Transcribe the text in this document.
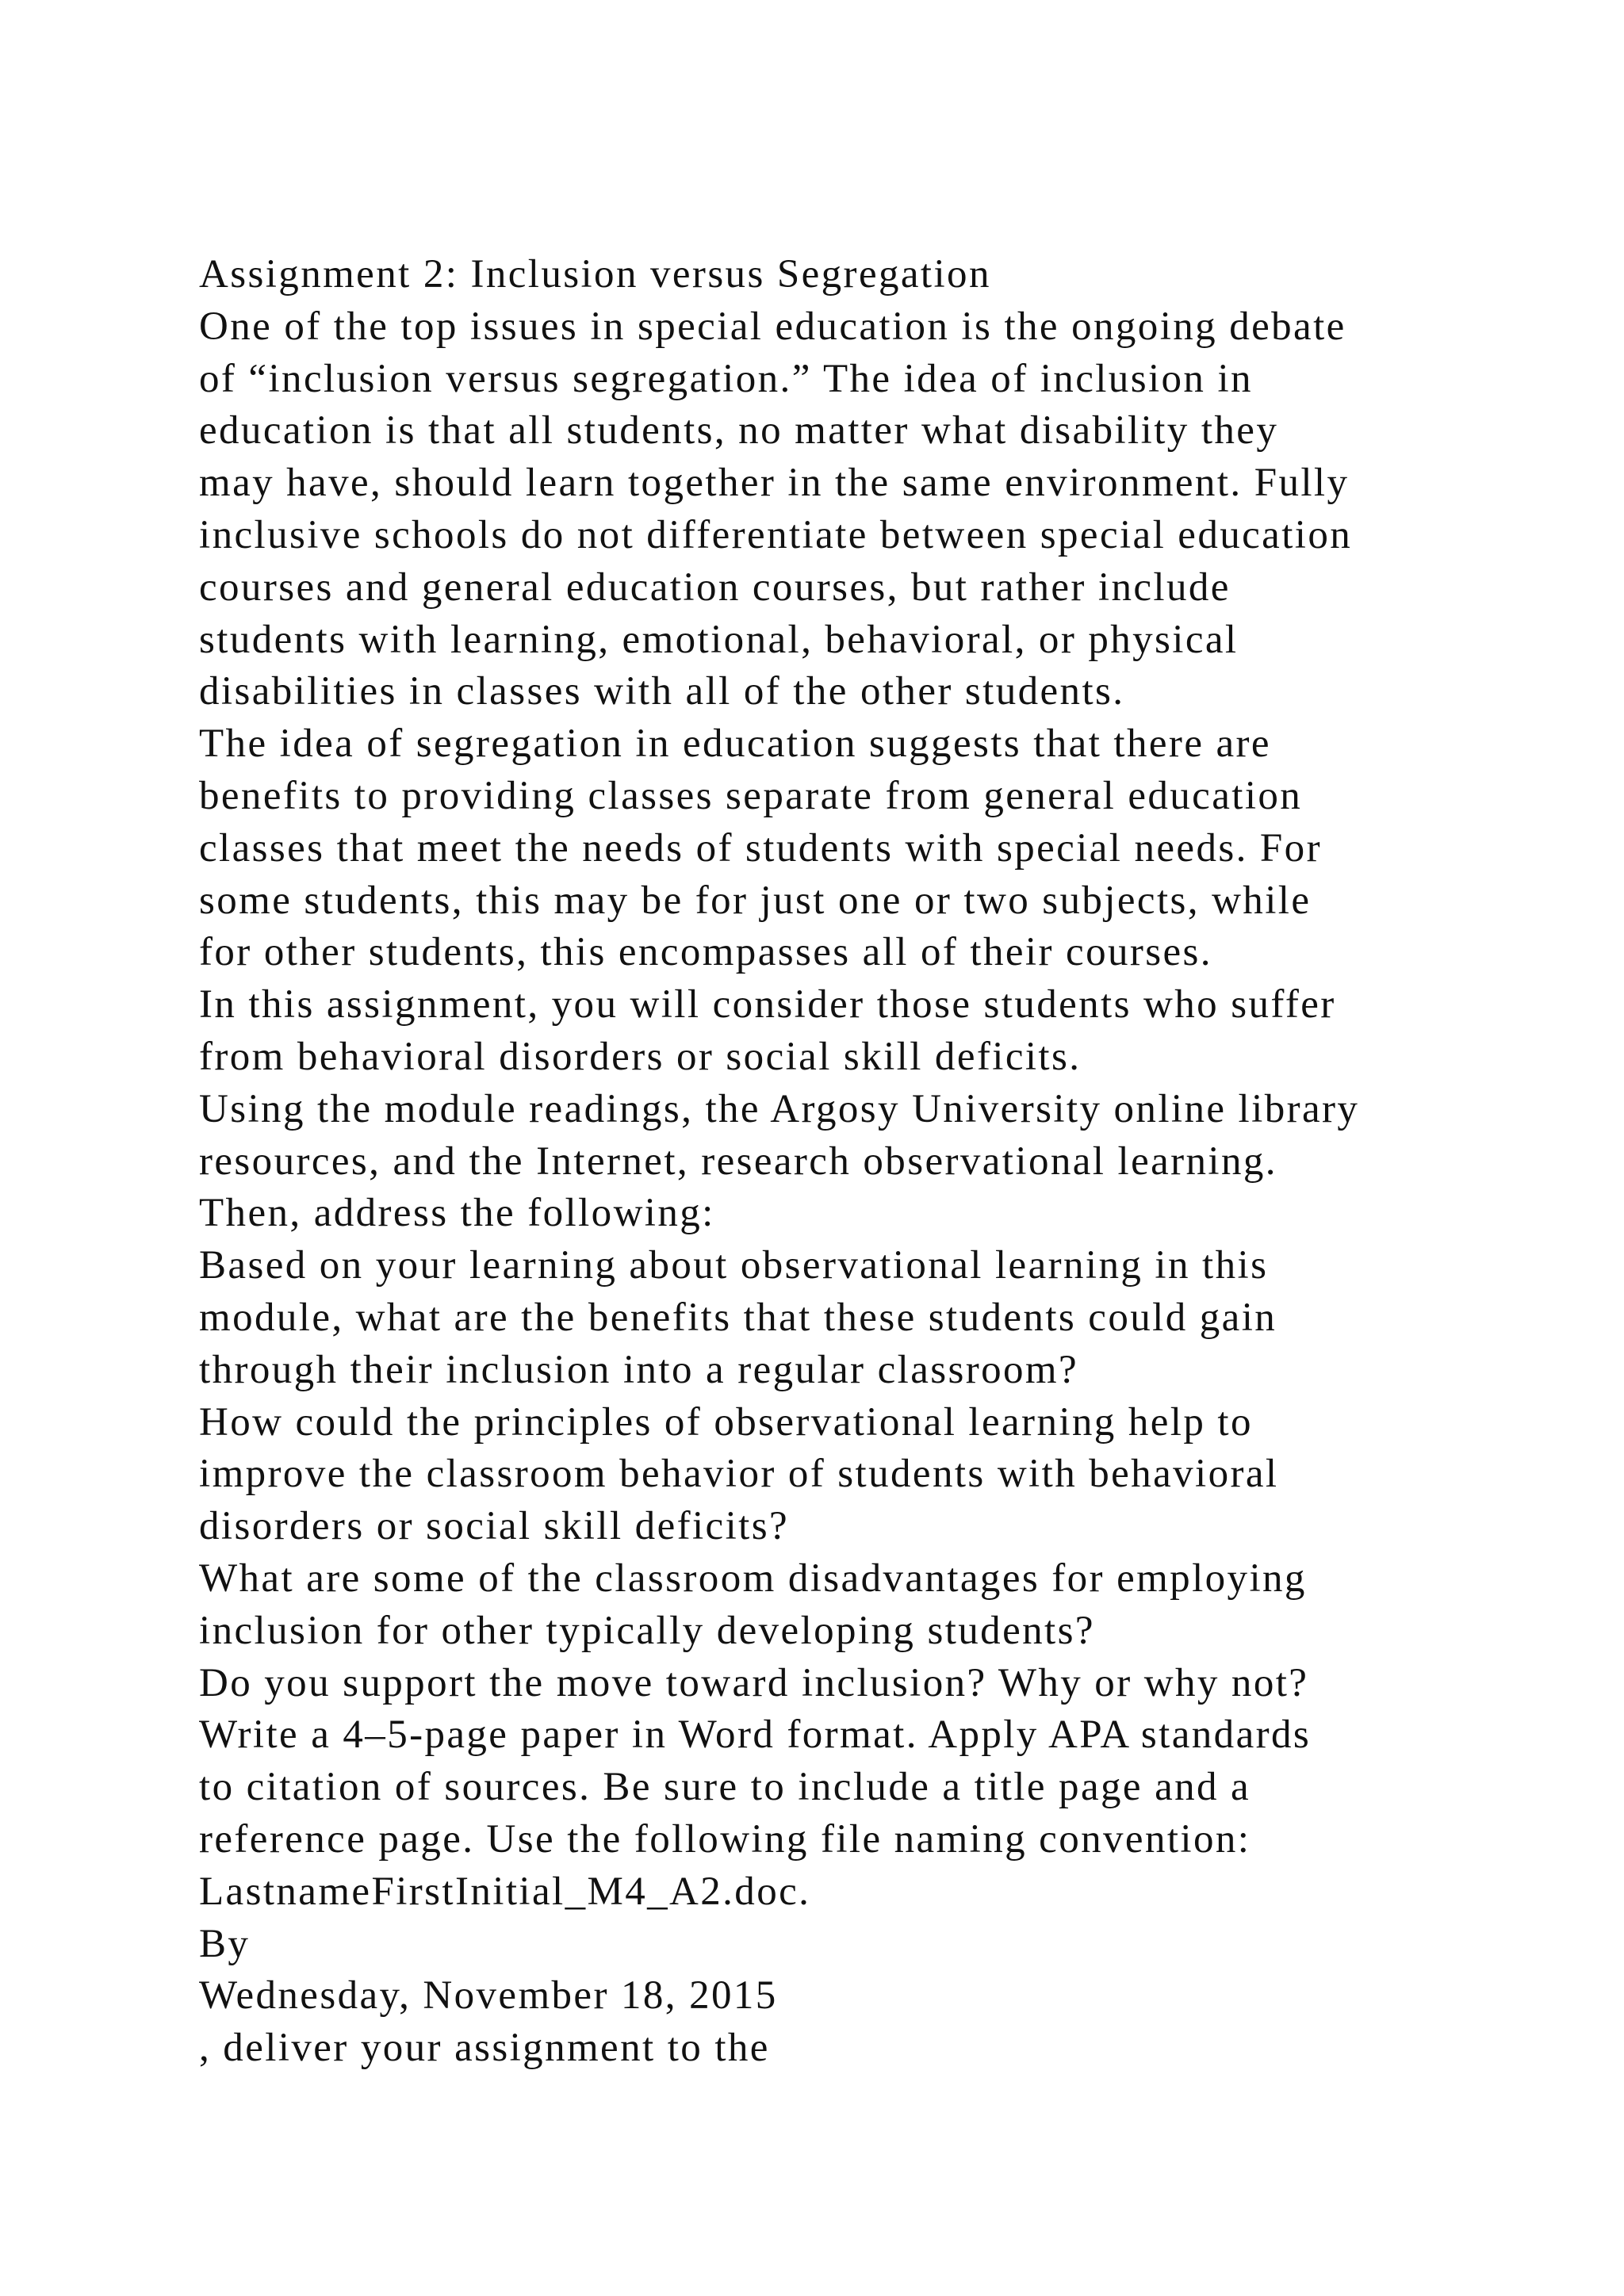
Assignment 2: Inclusion versus Segregation
One of the top issues in special education is the ongoing debate
of “inclusion versus segregation.” The idea of inclusion in
education is that all students, no matter what disability they
may have, should learn together in the same environment. Fully
inclusive schools do not differentiate between special education
courses and general education courses, but rather include
students with learning, emotional, behavioral, or physical
disabilities in classes with all of the other students.
The idea of segregation in education suggests that there are
benefits to providing classes separate from general education
classes that meet the needs of students with special needs. For
some students, this may be for just one or two subjects, while
for other students, this encompasses all of their courses.
In this assignment, you will consider those students who suffer
from behavioral disorders or social skill deficits.
Using the module readings, the Argosy University online library
resources, and the Internet, research observational learning.
Then, address the following:
Based on your learning about observational learning in this
module, what are the benefits that these students could gain
through their inclusion into a regular classroom?
How could the principles of observational learning help to
improve the classroom behavior of students with behavioral
disorders or social skill deficits?
What are some of the classroom disadvantages for employing
inclusion for other typically developing students?
Do you support the move toward inclusion? Why or why not?
Write a 4–5-page paper in Word format. Apply APA standards
to citation of sources. Be sure to include a title page and a
reference page. Use the following file naming convention:
LastnameFirstInitial_M4_A2.doc.
By
Wednesday, November 18, 2015
, deliver your assignment to the
